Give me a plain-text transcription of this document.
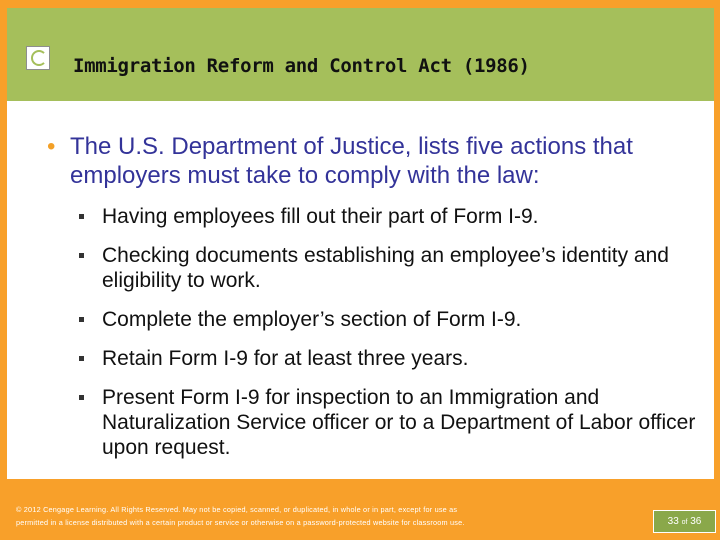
Immigration Reform and Control Act (1986)
• The U.S. Department of Justice, lists five actions that employers must take to comply with the law:
Having employees fill out their part of Form I-9.
Checking documents establishing an employee’s identity and eligibility to work.
Complete the employer’s section of Form I-9.
Retain Form I-9 for at least three years.
Present Form I-9 for inspection to an Immigration and Naturalization Service officer or to a Department of Labor officer upon request.
© 2012 Cengage Learning. All Rights Reserved. May not be copied, scanned, or duplicated, in whole or in part, except for use as
permitted in a license distributed with a certain product or service or otherwise on a password-protected website for classroom use.	33 of 36
